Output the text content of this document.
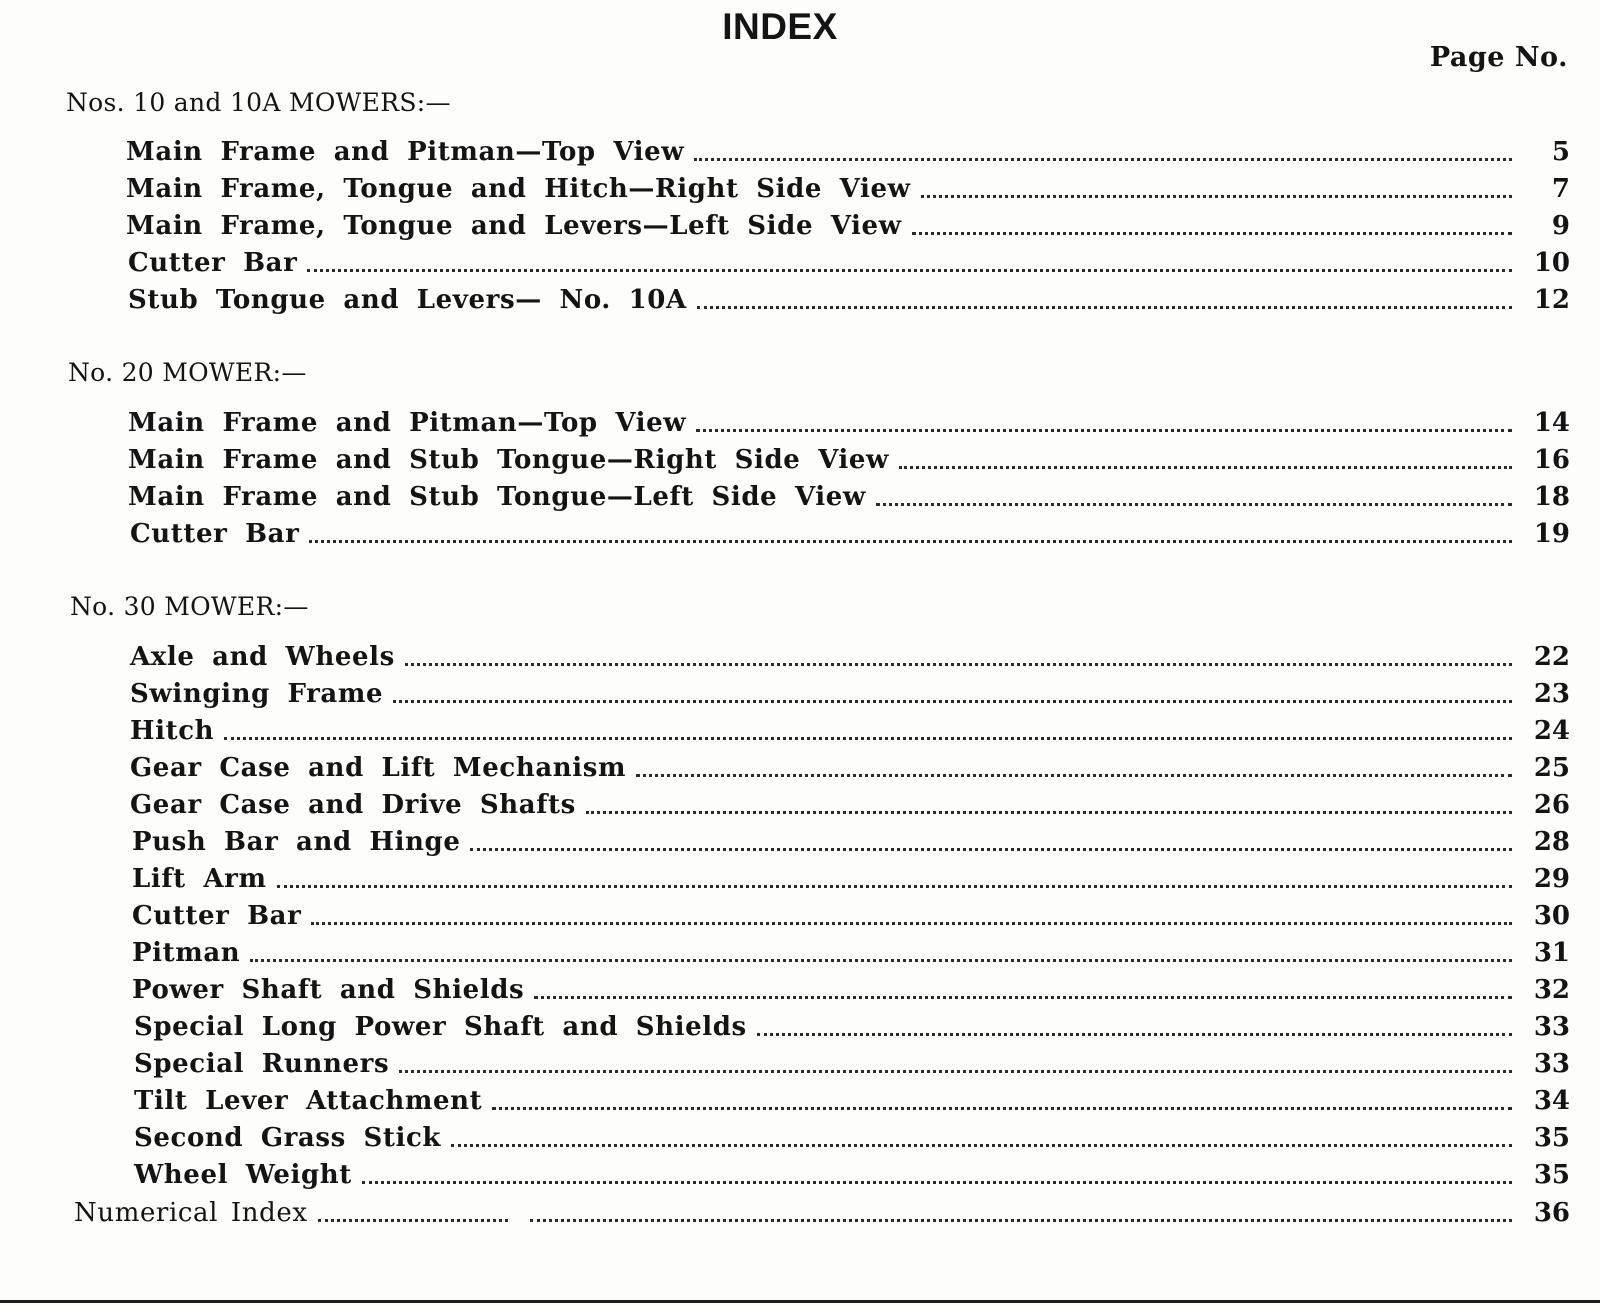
INDEX
Page No.
Nos. 10 and 10A MOWERS:—
Main Frame and Pitman—Top View	5
Main Frame, Tongue and Hitch—Right Side View	7
Main Frame, Tongue and Levers—Left Side View	9
Cutter Bar	10
Stub Tongue and Levers— No. 10A	12
No. 20 MOWER:—
Main Frame and Pitman—Top View	14
Main Frame and Stub Tongue—Right Side View	16
Main Frame and Stub Tongue—Left Side View	18
Cutter Bar	19
No. 30 MOWER:—
Axle and Wheels	22
Swinging Frame	23
Hitch	24
Gear Case and Lift Mechanism	25
Gear Case and Drive Shafts	26
Push Bar and Hinge	28
Lift Arm	29
Cutter Bar	30
Pitman	31
Power Shaft and Shields	32
Special Long Power Shaft and Shields	33
Special Runners	33
Tilt Lever Attachment	34
Second Grass Stick	35
Wheel Weight	35
Numerical Index	36
